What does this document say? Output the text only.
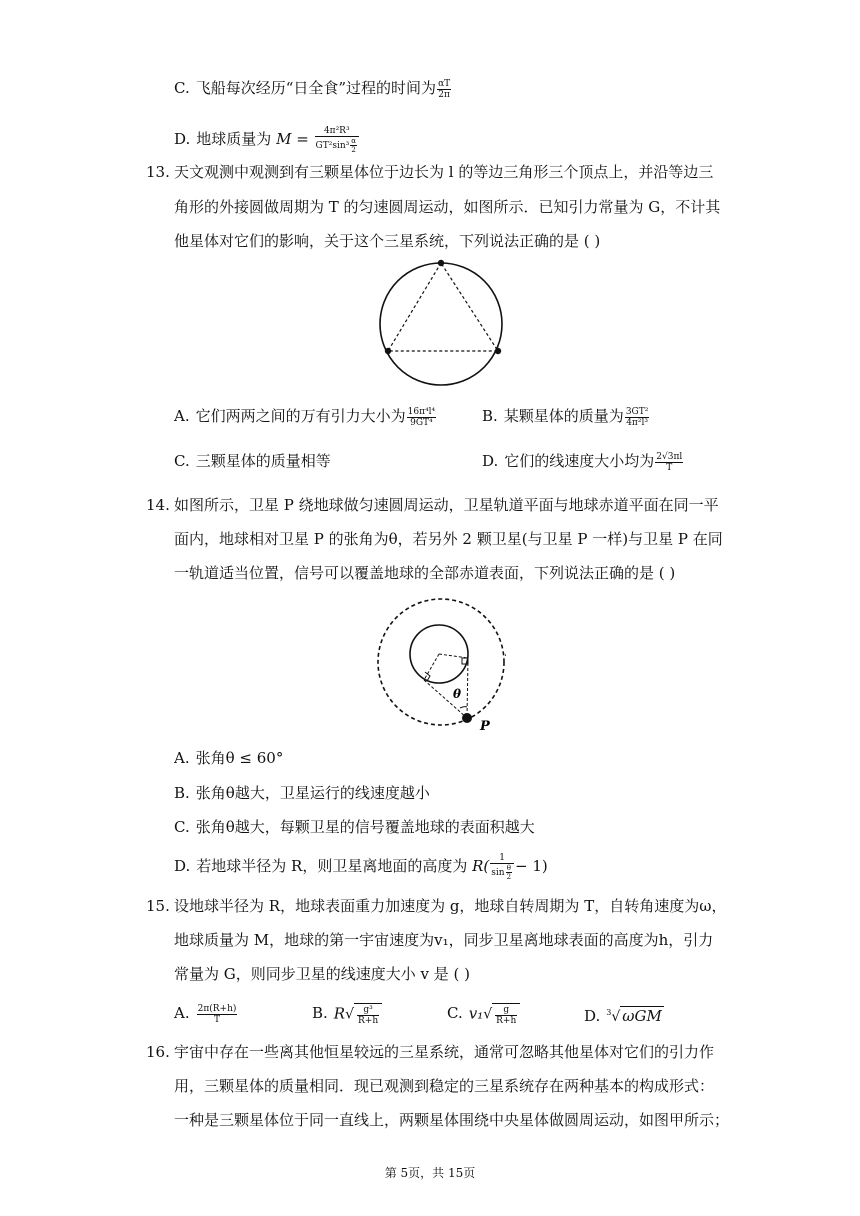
C. 飞船每次经历“日全食”过程的时间为 $\frac{\alpha T}{2\pi}$
D. 地球质量为 $M = \frac{\text{4π²R³}}{GT^2\sin^3 \frac{\alpha}{2}}$
13. 天文观测中观测到有三颗星体位于边长为 l 的等边三角形三个顶点上，并沿等边三
角形的外接圆做周期为 T 的匀速圆周运动，如图所示．已知引力常量为 G，不计其
他星体对它们的影响，关于这个三星系统，下列说法正确的是 ( )
A. 它们两两之间的万有引力大小为 $\frac{\text{16π⁴l⁴}}{\text{9GT⁴}}$	B. 某颗星体的质量为 $\frac{\text{3GT²}}{\text{4π²l³}}$
C. 三颗星体的质量相等	D. 它们的线速度大小均为 $\frac{2√3\pi l}{T}$
14. 如图所示，卫星 P 绕地球做匀速圆周运动，卫星轨道平面与地球赤道平面在同一平
面内，地球相对卫星 P 的张角为θ，若另外 2 颗卫星(与卫星 P 一样)与卫星 P 在同
一轨道适当位置，信号可以覆盖地球的全部赤道表面，下列说法正确的是 ( )
θ
P
A. 张角θ ≤ 60°
B. 张角θ越大，卫星运行的线速度越小
C. 张角θ越大，每颗卫星的信号覆盖地球的表面积越大
D. 若地球半径为 R，则卫星离地面的高度为 $R( \frac{1}{\sin \frac{\theta}{2}} - 1)$
15. 设地球半径为 R，地球表面重力加速度为 g，地球自转周期为 T，自转角速度为ω，
地球质量为 M，地球的第一宇宙速度为v₁，同步卫星离地球表面的高度为h，引力
常量为 G，则同步卫星的线速度大小 v 是 ( )
A. $\frac{2\pi(R+h)}{T}$	B. $R√ \frac{\text{g³}}{R+h}$	C. $v_1√ \frac{g}{R+h}$	D. $^3$√ ωGM
16. 宇宙中存在一些离其他恒星较远的三星系统，通常可忽略其他星体对它们的引力作
用，三颗星体的质量相同．现已观测到稳定的三星系统存在两种基本的构成形式：
一种是三颗星体位于同一直线上，两颗星体围绕中央星体做圆周运动，如图甲所示；
第 5页，共 15页
